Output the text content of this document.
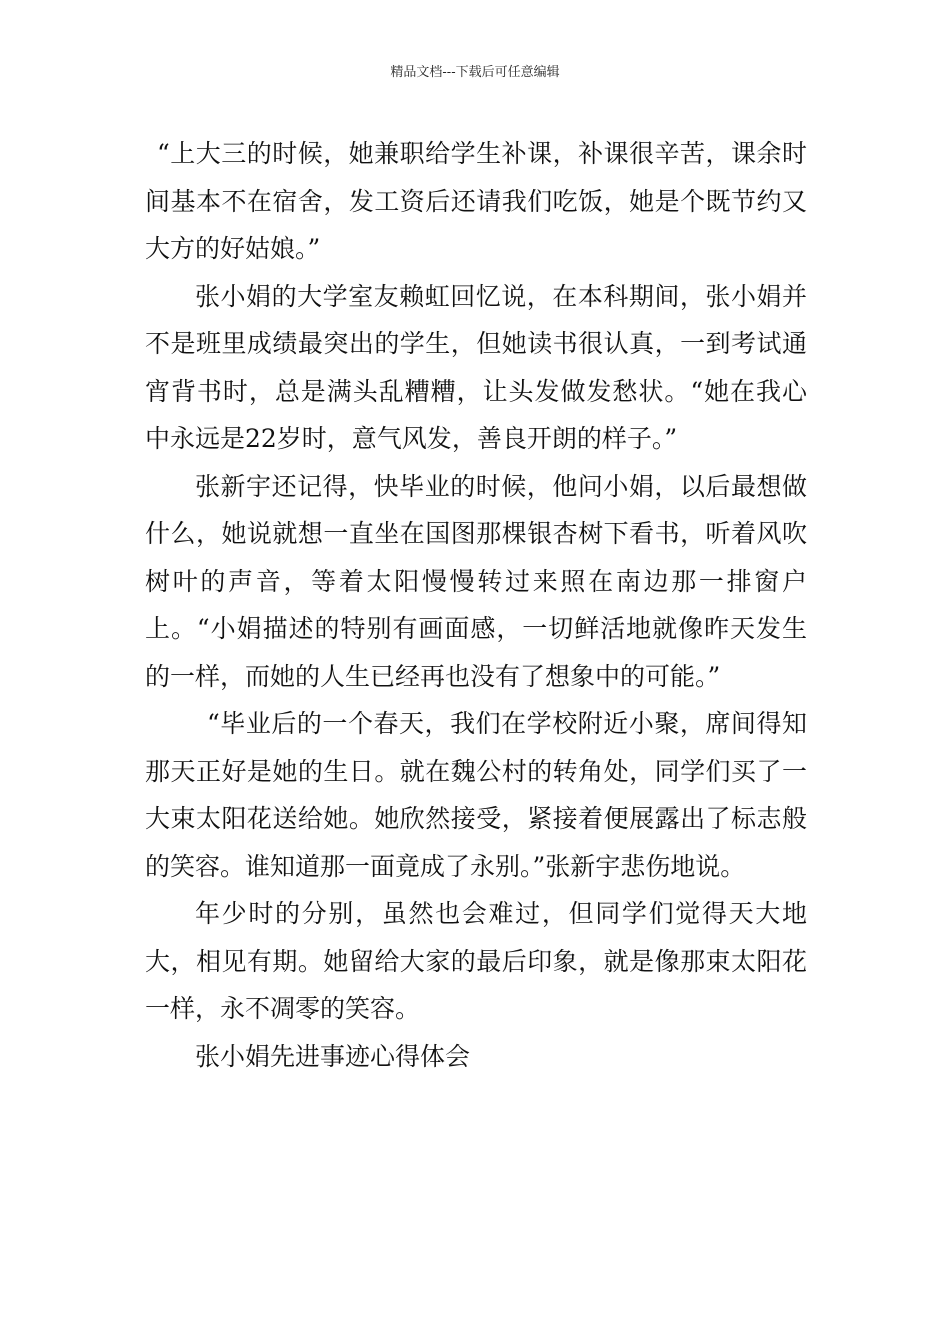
精品文档---下载后可任意编辑

“上大三的时候，她兼职给学生补课，补课很辛苦，课余时间基本不在宿舍，发工资后还请我们吃饭，她是个既节约又大方的好姑娘。”

张小娟的大学室友赖虹回忆说，在本科期间，张小娟并不是班里成绩最突出的学生，但她读书很认真，一到考试通宵背书时，总是满头乱糟糟，让头发做发愁状。“她在我心中永远是22岁时，意气风发，善良开朗的样子。”

张新宇还记得，快毕业的时候，他问小娟，以后最想做什么，她说就想一直坐在国图那棵银杏树下看书，听着风吹树叶的声音，等着太阳慢慢转过来照在南边那一排窗户上。“小娟描述的特别有画面感，一切鲜活地就像昨天发生的一样，而她的人生已经再也没有了想象中的可能。”

“毕业后的一个春天，我们在学校附近小聚，席间得知那天正好是她的生日。就在魏公村的转角处，同学们买了一大束太阳花送给她。她欣然接受，紧接着便展露出了标志般的笑容。谁知道那一面竟成了永别。”张新宇悲伤地说。

年少时的分别，虽然也会难过，但同学们觉得天大地大，相见有期。她留给大家的最后印象，就是像那束太阳花一样，永不凋零的笑容。

张小娟先进事迹心得体会
